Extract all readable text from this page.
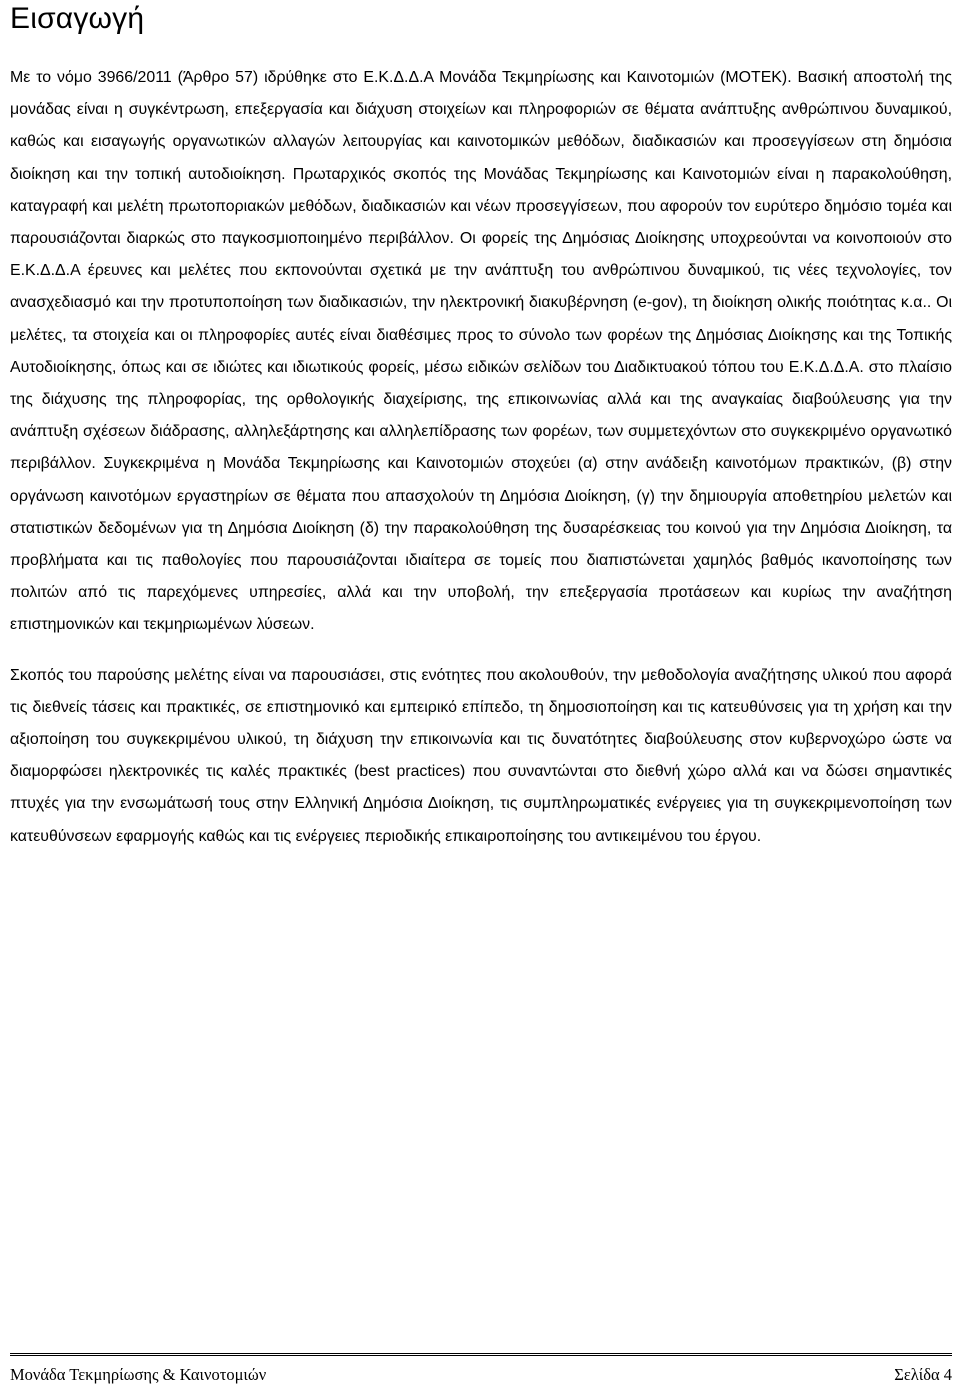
Εισαγωγή

Με το νόμο 3966/2011 (Άρθρο 57) ιδρύθηκε στο Ε.Κ.Δ.Δ.Α Μονάδα Τεκμηρίωσης και Καινοτομιών (ΜΟΤΕΚ). Βασική αποστολή της μονάδας είναι η συγκέντρωση, επεξεργασία και διάχυση στοιχείων και πληροφοριών σε θέματα ανάπτυξης ανθρώπινου δυναμικού, καθώς και εισαγωγής οργανωτικών αλλαγών λειτουργίας και καινοτομικών μεθόδων, διαδικασιών και προσεγγίσεων στη δημόσια διοίκηση και την τοπική αυτοδιοίκηση. Πρωταρχικός σκοπός της Μονάδας Τεκμηρίωσης και Καινοτομιών είναι η παρακολούθηση, καταγραφή και μελέτη πρωτοποριακών μεθόδων, διαδικασιών και νέων προσεγγίσεων, που αφορούν τον ευρύτερο δημόσιο τομέα και παρουσιάζονται διαρκώς στο παγκοσμιοποιημένο περιβάλλον. Οι φορείς της Δημόσιας Διοίκησης υποχρεούνται να κοινοποιούν στο Ε.Κ.Δ.Δ.Α έρευνες και μελέτες που εκπονούνται σχετικά με την ανάπτυξη του ανθρώπινου δυναμικού, τις νέες τεχνολογίες, τον ανασχεδιασμό και την προτυποποίηση των διαδικασιών, την ηλεκτρονική διακυβέρνηση (e-gov), τη διοίκηση ολικής ποιότητας κ.α.. Οι μελέτες, τα στοιχεία και οι πληροφορίες αυτές είναι διαθέσιμες προς το σύνολο των φορέων της Δημόσιας Διοίκησης και της Τοπικής Αυτοδιοίκησης, όπως και σε ιδιώτες και ιδιωτικούς φορείς, μέσω ειδικών σελίδων του Διαδικτυακού τόπου του Ε.Κ.Δ.Δ.Α. στο πλαίσιο της διάχυσης της πληροφορίας, της ορθολογικής διαχείρισης, της επικοινωνίας αλλά και της αναγκαίας διαβούλευσης για την ανάπτυξη σχέσεων διάδρασης, αλληλεξάρτησης και αλληλεπίδρασης των φορέων, των συμμετεχόντων στο συγκεκριμένο οργανωτικό περιβάλλον. Συγκεκριμένα η Μονάδα Τεκμηρίωσης και Καινοτομιών στοχεύει (α) στην ανάδειξη καινοτόμων πρακτικών, (β) στην οργάνωση καινοτόμων εργαστηρίων σε θέματα που απασχολούν τη Δημόσια Διοίκηση, (γ) την δημιουργία αποθετηρίου μελετών και στατιστικών δεδομένων για τη Δημόσια Διοίκηση (δ) την παρακολούθηση της δυσαρέσκειας του κοινού για την Δημόσια Διοίκηση, τα προβλήματα και τις παθολογίες που παρουσιάζονται ιδιαίτερα σε τομείς που διαπιστώνεται χαμηλός βαθμός ικανοποίησης των πολιτών από τις παρεχόμενες υπηρεσίες, αλλά και την υποβολή, την επεξεργασία προτάσεων και κυρίως την αναζήτηση επιστημονικών και τεκμηριωμένων λύσεων.

Σκοπός του παρούσης μελέτης είναι να παρουσιάσει, στις ενότητες που ακολουθούν, την μεθοδολογία αναζήτησης υλικού που αφορά τις διεθνείς τάσεις και πρακτικές, σε επιστημονικό και εμπειρικό επίπεδο, τη δημοσιοποίηση και τις κατευθύνσεις για τη χρήση και την αξιοποίηση του συγκεκριμένου υλικού, τη διάχυση την επικοινωνία και τις δυνατότητες διαβούλευσης στον κυβερνοχώρο ώστε να διαμορφώσει ηλεκτρονικές τις καλές πρακτικές (best practices) που συναντώνται στο διεθνή χώρο αλλά και να δώσει σημαντικές πτυχές για την ενσωμάτωσή τους στην Ελληνική Δημόσια Διοίκηση, τις συμπληρωματικές ενέργειες για τη συγκεκριμενοποίηση των κατευθύνσεων εφαρμογής καθώς και τις ενέργειες περιοδικής επικαιροποίησης του αντικειμένου του έργου.

Μονάδα Τεκμηρίωσης & Καινοτομιών	Σελίδα 4
